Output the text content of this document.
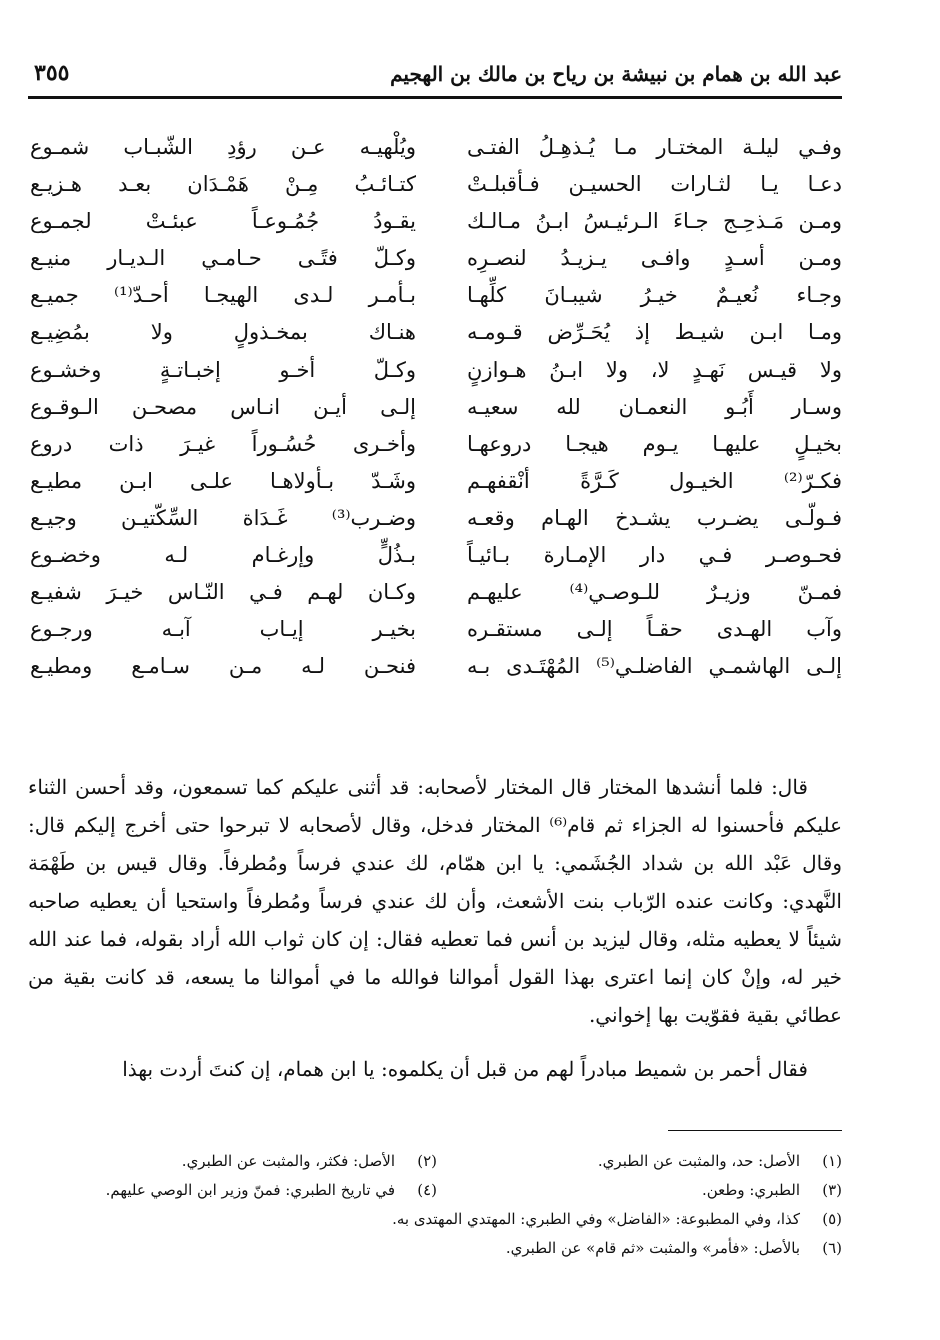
عبد الله بن همام بن نبيشة بن رياح بن مالك بن الهجيم
٣٥٥
وفـي ليلـة المختـار مـا يُـذهِـلُ الفتـى
ويُلْهيـه عـن رؤدِ الشّبـاب شمـوع
دعـا يـا لثـارات الحسيـن فـأقبلـتْ
كتـائـبُ مِـنْ هَمْـدَان بعـد هـزيـع
ومـن مَـذحِـج جـاءَ الـرئيـسُ ابـنُ مـالـك
يقـودُ جُمُـوعـاً عبئـتْ لجمـوع
ومـن أسـدٍ وافـى يـزيـدُ لنصـرِه
وكـلّ فتًـى حـامـي الـديـار منيـع
وجـاء نُعيـمٌ خيـرُ شيبـانَ كلِّهـا
بـأمـر لـدى الهيجـا أحـدّ⁽¹⁾ جميـع
ومـا ابـن شيـط إذ يُحَـرِّض قـومـه
هنـاك بمخـذولٍ ولا بمُضِيـع
ولا قيـس نَهـدٍ لا، ولا ابـنُ هـوازنٍ
وكـلّ أخـو إخبـاتـةٍ وخشـوع
وسـار أَبُـو النعمـان لله سعيـه
إلـى أيـن انـاس مصحـن الـوقـوع
بخيـلٍ عليهـا يـوم هيجـا دروعهـا
وأخـرى حُسُـوراً غيـرَ ذات دروع
فكـرّ⁽²⁾ الخيـول كَـرَّةً أنْقفهـم
وشَـدّ بـأولاهـا علـى ابـن مطيـع
فـولّـى يضـرب يشـدخ الهـام وقعـه
وضـرب⁽³⁾ غَـدَاة السِّكّتيـن وجيـع
فحـوصـر فـي دار الإمـارة بـائيـاً
بـذُلٍّ وإرغـام لـه وخضـوع
فمـنّ وزيـرٌ للـوصـي⁽⁴⁾ عليهـم
وكـان لهـم فـي النّـاس خيـرَ شفيـع
وآب الهـدى حقـاً إلـى مستقـره
بخيـر إيـاب آبـه ورجـوع
إلـى الهاشمـي الفاضلـي⁽⁵⁾ المُهْتَـدى بـه
فنحـن لـه مـن سـامـع ومطيـع

قال: فلما أنشدها المختار قال المختار لأصحابه: قد أثنى عليكم كما تسمعون، وقد أحسن الثناء عليكم فأحسنوا له الجزاء ثم قام⁽⁶⁾ المختار فدخل، وقال لأصحابه لا تبرحوا حتى أخرج إليكم قال: وقال عَبْد الله بن شداد الجُشَمي: يا ابن همّام، لك عندي فرساً ومُطرفاً. وقال قيس بن طَهْمَة النَّهدي: وكانت عنده الرّباب بنت الأشعث، وأن لك عندي فرساً ومُطرفاً واستحيا أن يعطيه صاحبه شيئاً لا يعطيه مثله، وقال ليزيد بن أنس فما تعطيه فقال: إن كان ثواب الله أراد بقوله، فما عند الله خير له، وإنْ كان إنما اعترى بهذا القول أموالنا فوالله ما في أموالنا ما يسعه، قد كانت بقية من عطائي بقية فقوّيت بها إخواني.

فقال أحمر بن شميط مبادراً لهم من قبل أن يكلموه: يا ابن همام، إن كنتَ أردت بهذا

(١)الأصل: حد، والمثبت عن الطبري.
(٢)الأصل: فكثر، والمثبت عن الطبري.
(٣)الطبري: وطعن.
(٤)في تاريخ الطبري: فمنّ وزير ابن الوصي عليهم.
(٥)كذا، وفي المطبوعة: «الفاضل» وفي الطبري: المهتدي المهتدى به.
(٦)بالأصل: «فأمر» والمثبت «ثم قام» عن الطبري.
